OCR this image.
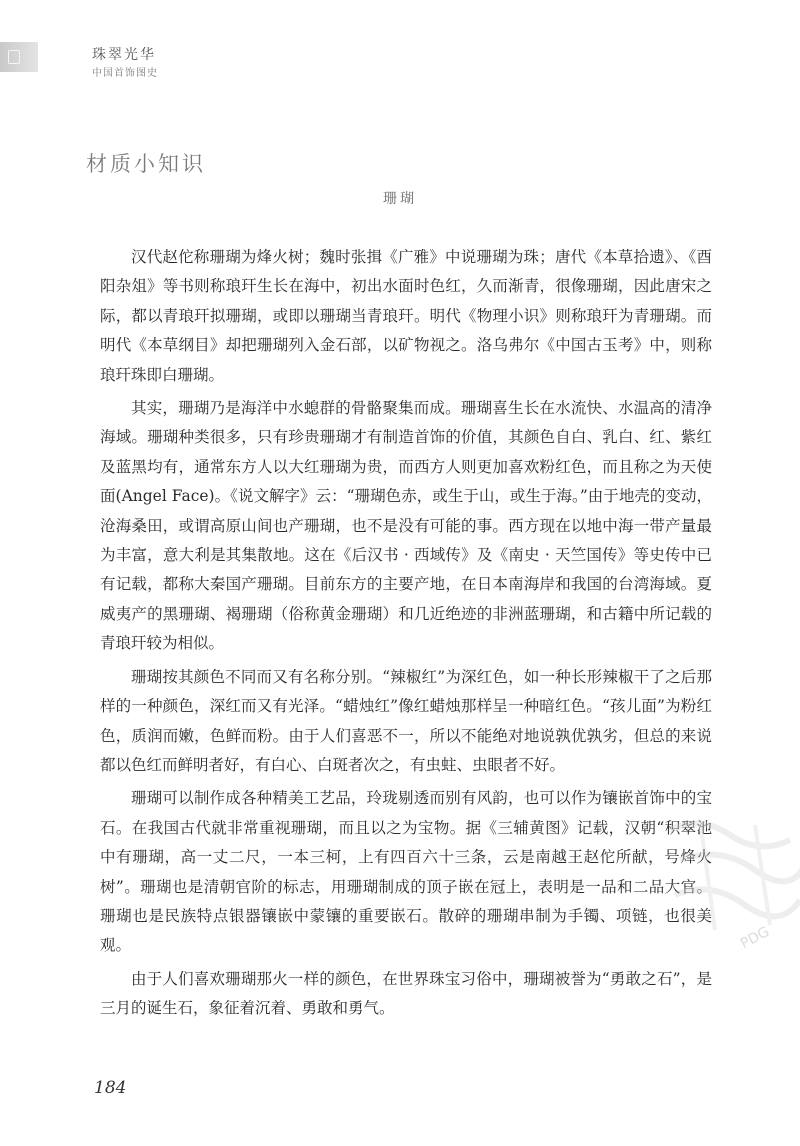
珠翠光华
中国首饰图史
材质小知识
珊瑚

汉代赵佗称珊瑚为烽火树；魏时张揖《广雅》中说珊瑚为珠；唐代《本草拾遗》、《酉阳杂俎》等书则称琅玕生长在海中，初出水面时色红，久而渐青，很像珊瑚，因此唐宋之际，都以青琅玕拟珊瑚，或即以珊瑚当青琅玕。明代《物理小识》则称琅玕为青珊瑚。而明代《本草纲目》却把珊瑚列入金石部，以矿物视之。洛乌弗尔《中国古玉考》中，则称琅玕珠即白珊瑚。

其实，珊瑚乃是海洋中水螅群的骨骼聚集而成。珊瑚喜生长在水流快、水温高的清净海域。珊瑚种类很多，只有珍贵珊瑚才有制造首饰的价值，其颜色自白、乳白、红、紫红及蓝黑均有，通常东方人以大红珊瑚为贵，而西方人则更加喜欢粉红色，而且称之为天使面(Angel Face)。《说文解字》云：“珊瑚色赤，或生于山，或生于海。”由于地壳的变动，沧海桑田，或谓高原山间也产珊瑚，也不是没有可能的事。西方现在以地中海一带产量最为丰富，意大利是其集散地。这在《后汉书 · 西域传》及《南史 · 天竺国传》等史传中已有记载，都称大秦国产珊瑚。目前东方的主要产地，在日本南海岸和我国的台湾海域。夏威夷产的黑珊瑚、褐珊瑚（俗称黄金珊瑚）和几近绝迹的非洲蓝珊瑚，和古籍中所记载的青琅玕较为相似。

珊瑚按其颜色不同而又有名称分别。“辣椒红”为深红色，如一种长形辣椒干了之后那样的一种颜色，深红而又有光泽。“蜡烛红”像红蜡烛那样呈一种暗红色。“孩儿面”为粉红色，质润而嫩，色鲜而粉。由于人们喜恶不一，所以不能绝对地说孰优孰劣，但总的来说都以色红而鲜明者好，有白心、白斑者次之，有虫蛀、虫眼者不好。

珊瑚可以制作成各种精美工艺品，玲珑剔透而别有风韵，也可以作为镶嵌首饰中的宝石。在我国古代就非常重视珊瑚，而且以之为宝物。据《三辅黄图》记载，汉朝“积翠池中有珊瑚，高一丈二尺，一本三柯，上有四百六十三条，云是南越王赵佗所献，号烽火树”。珊瑚也是清朝官阶的标志，用珊瑚制成的顶子嵌在冠上，表明是一品和二品大官。珊瑚也是民族特点银器镶嵌中蒙镶的重要嵌石。散碎的珊瑚串制为手镯、项链，也很美观。

由于人们喜欢珊瑚那火一样的颜色，在世界珠宝习俗中，珊瑚被誉为“勇敢之石”，是三月的诞生石，象征着沉着、勇敢和勇气。

PDG
184
